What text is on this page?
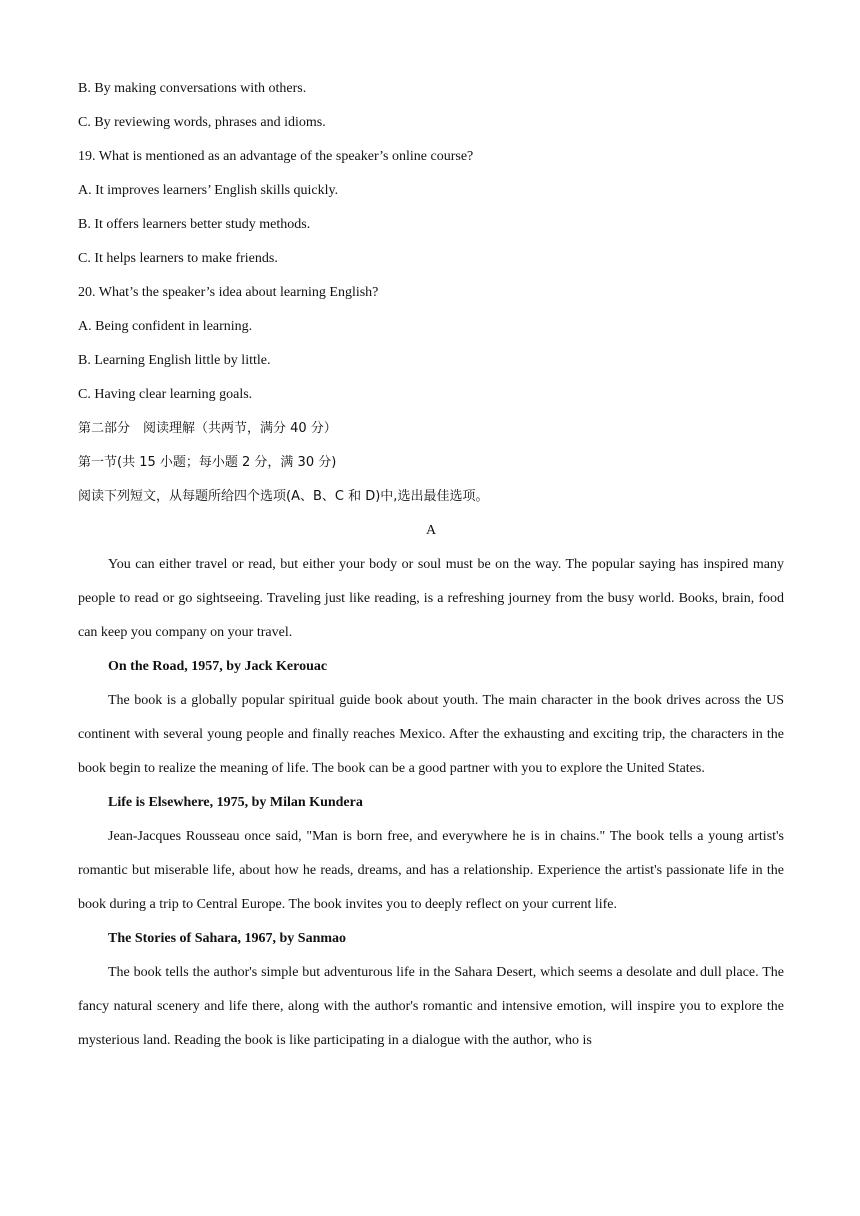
B. By making conversations with others.

C. By reviewing words, phrases and idioms.

19. What is mentioned as an advantage of the speaker’s online course?

A. It improves learners’ English skills quickly.

B. It offers learners better study methods.

C. It helps learners to make friends.

20. What’s the speaker’s idea about learning English?

A. Being confident in learning.

B. Learning English little by little.

C. Having clear learning goals.

第二部分　阅读理解（共两节，满分 40 分）

第一节(共 15 小题；每小题 2 分，满 30 分)

阅读下列短文，从每题所给四个选项(A、B、C 和 D)中,选出最佳选项。

A

You can either travel or read, but either your body or soul must be on the way. The popular saying has inspired many people to read or go sightseeing. Traveling just like reading, is a refreshing journey from the busy world. Books, brain, food can keep you company on your travel.

On the Road, 1957, by Jack Kerouac

The book is a globally popular spiritual guide book about youth. The main character in the book drives across the US continent with several young people and finally reaches Mexico. After the exhausting and exciting trip, the characters in the book begin to realize the meaning of life. The book can be a good partner with you to explore the United States.

Life is Elsewhere, 1975, by Milan Kundera

Jean-Jacques Rousseau once said, "Man is born free, and everywhere he is in chains." The book tells a young artist's romantic but miserable life, about how he reads, dreams, and has a relationship. Experience the artist's passionate life in the book during a trip to Central Europe. The book invites you to deeply reflect on your current life.

The Stories of Sahara, 1967, by Sanmao

The book tells the author's simple but adventurous life in the Sahara Desert, which seems a desolate and dull place. The fancy natural scenery and life there, along with the author's romantic and intensive emotion, will inspire you to explore the mysterious land. Reading the book is like participating in a dialogue with the author, who is
